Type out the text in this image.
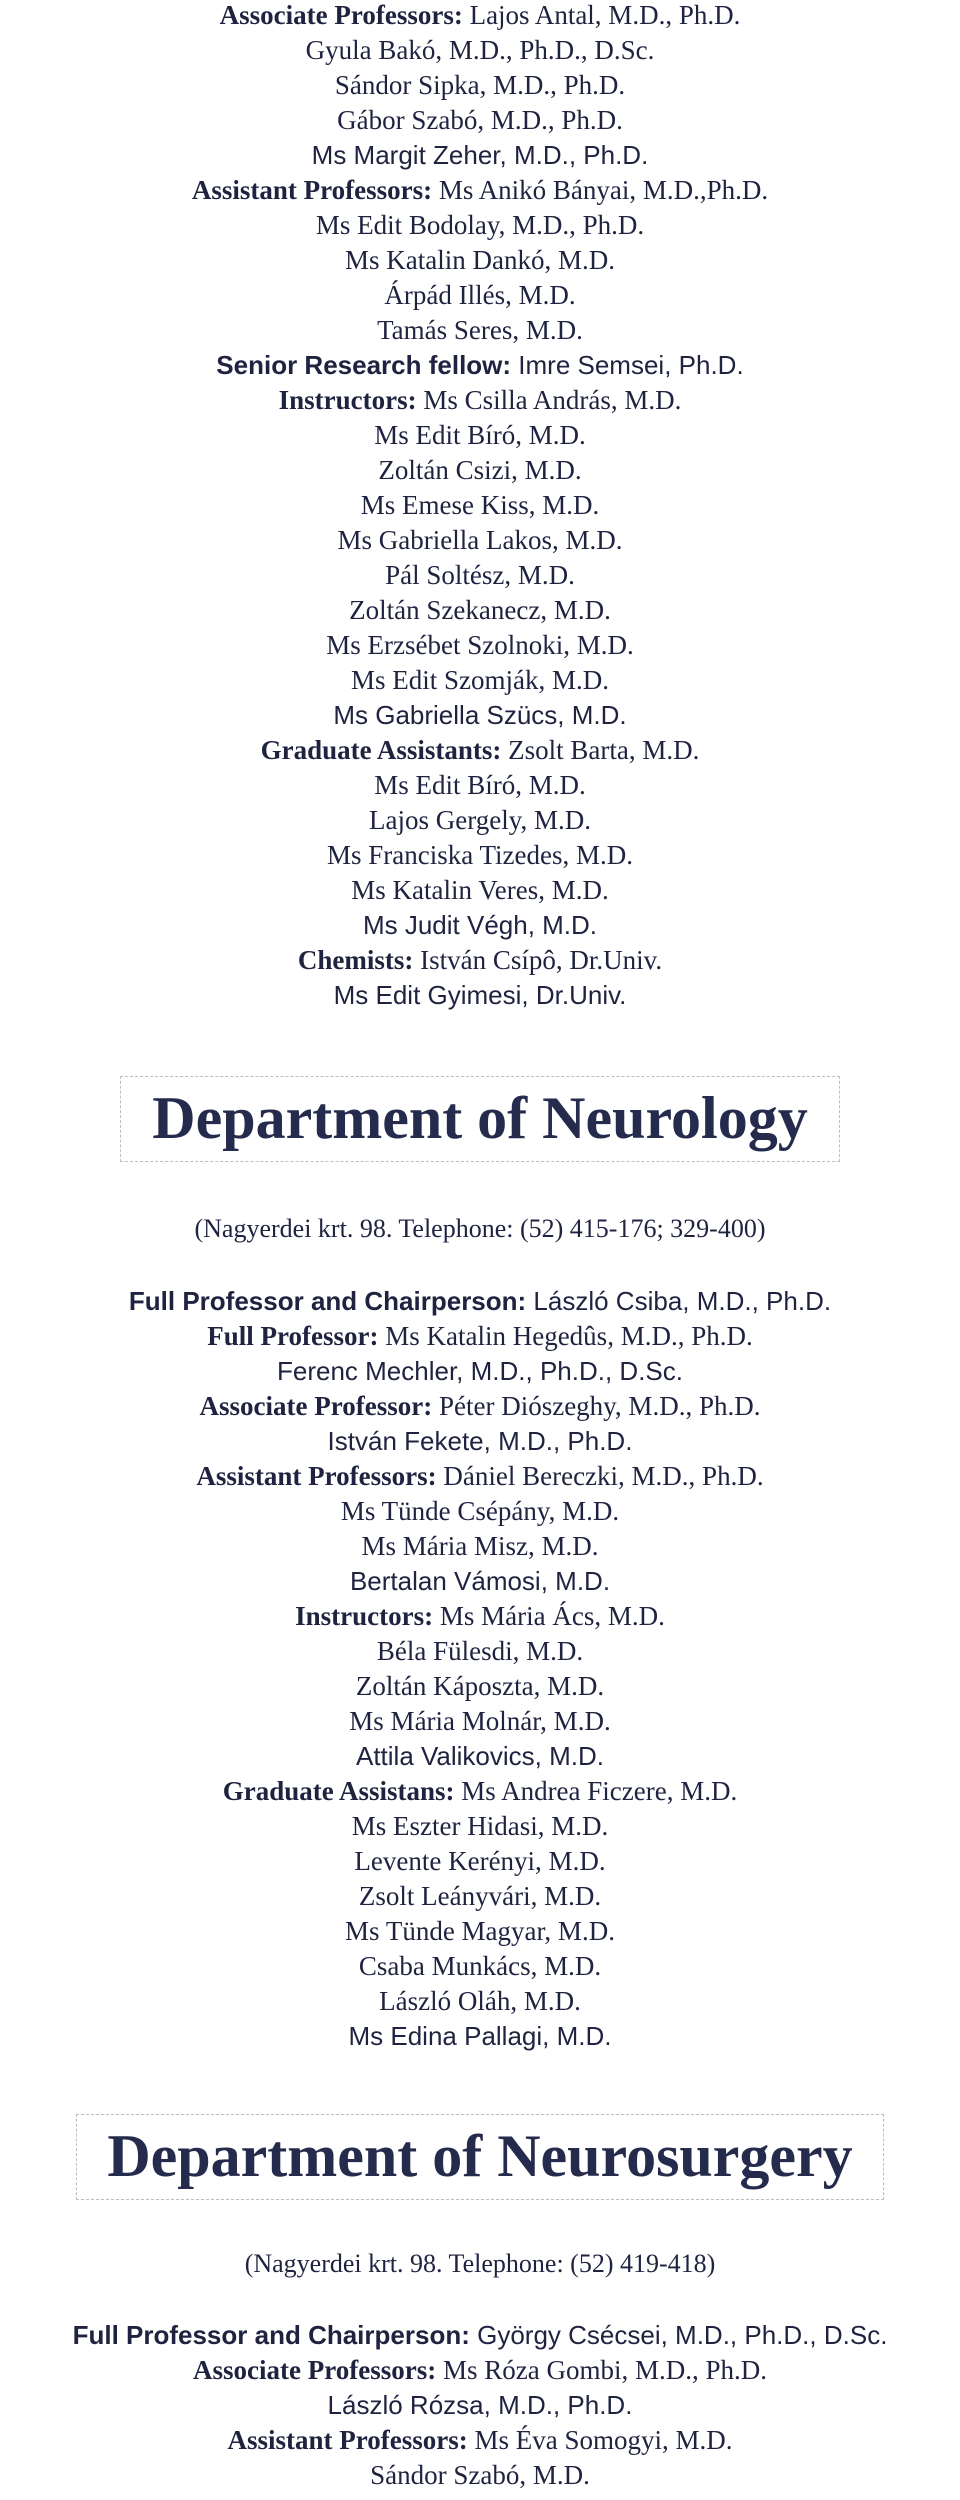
Associate Professors: Lajos Antal, M.D., Ph.D.
Gyula Bakó, M.D., Ph.D., D.Sc.
Sándor Sipka, M.D., Ph.D.
Gábor Szabó, M.D., Ph.D.
Ms Margit Zeher, M.D., Ph.D.
Assistant Professors: Ms Anikó Bányai, M.D.,Ph.D.
Ms Edit Bodolay, M.D., Ph.D.
Ms Katalin Dankó, M.D.
Árpád Illés, M.D.
Tamás Seres, M.D.
Senior Research fellow: Imre Semsei, Ph.D.
Instructors: Ms Csilla András, M.D.
Ms Edit Bíró, M.D.
Zoltán Csizi, M.D.
Ms Emese Kiss, M.D.
Ms Gabriella Lakos, M.D.
Pál Soltész, M.D.
Zoltán Szekanecz, M.D.
Ms Erzsébet Szolnoki, M.D.
Ms Edit Szomják, M.D.
Ms Gabriella Szücs, M.D.
Graduate Assistants: Zsolt Barta, M.D.
Ms Edit Bíró, M.D.
Lajos Gergely, M.D.
Ms Franciska Tizedes, M.D.
Ms Katalin Veres, M.D.
Ms Judit Végh, M.D.
Chemists: István Csípô, Dr.Univ.
Ms Edit Gyimesi, Dr.Univ.
Department of Neurology
(Nagyerdei krt. 98. Telephone: (52) 415-176; 329-400)
Full Professor and Chairperson: László Csiba, M.D., Ph.D.
Full Professor: Ms Katalin Hegedûs, M.D., Ph.D.
Ferenc Mechler, M.D., Ph.D., D.Sc.
Associate Professor: Péter Diószeghy, M.D., Ph.D.
István Fekete, M.D., Ph.D.
Assistant Professors: Dániel Bereczki, M.D., Ph.D.
Ms Tünde Csépány, M.D.
Ms Mária Misz, M.D.
Bertalan Vámosi, M.D.
Instructors: Ms Mária Ács, M.D.
Béla Fülesdi, M.D.
Zoltán Káposzta, M.D.
Ms Mária Molnár, M.D.
Attila Valikovics, M.D.
Graduate Assistans: Ms Andrea Ficzere, M.D.
Ms Eszter Hidasi, M.D.
Levente Kerényi, M.D.
Zsolt Leányvári, M.D.
Ms Tünde Magyar, M.D.
Csaba Munkács, M.D.
László Oláh, M.D.
Ms Edina Pallagi, M.D.
Department of Neurosurgery
(Nagyerdei krt. 98. Telephone: (52) 419-418)
Full Professor and Chairperson: György Csécsei, M.D., Ph.D., D.Sc.
Associate Professors: Ms Róza Gombi, M.D., Ph.D.
László Rózsa, M.D., Ph.D.
Assistant Professors: Ms Éva Somogyi, M.D.
Sándor Szabó, M.D.
